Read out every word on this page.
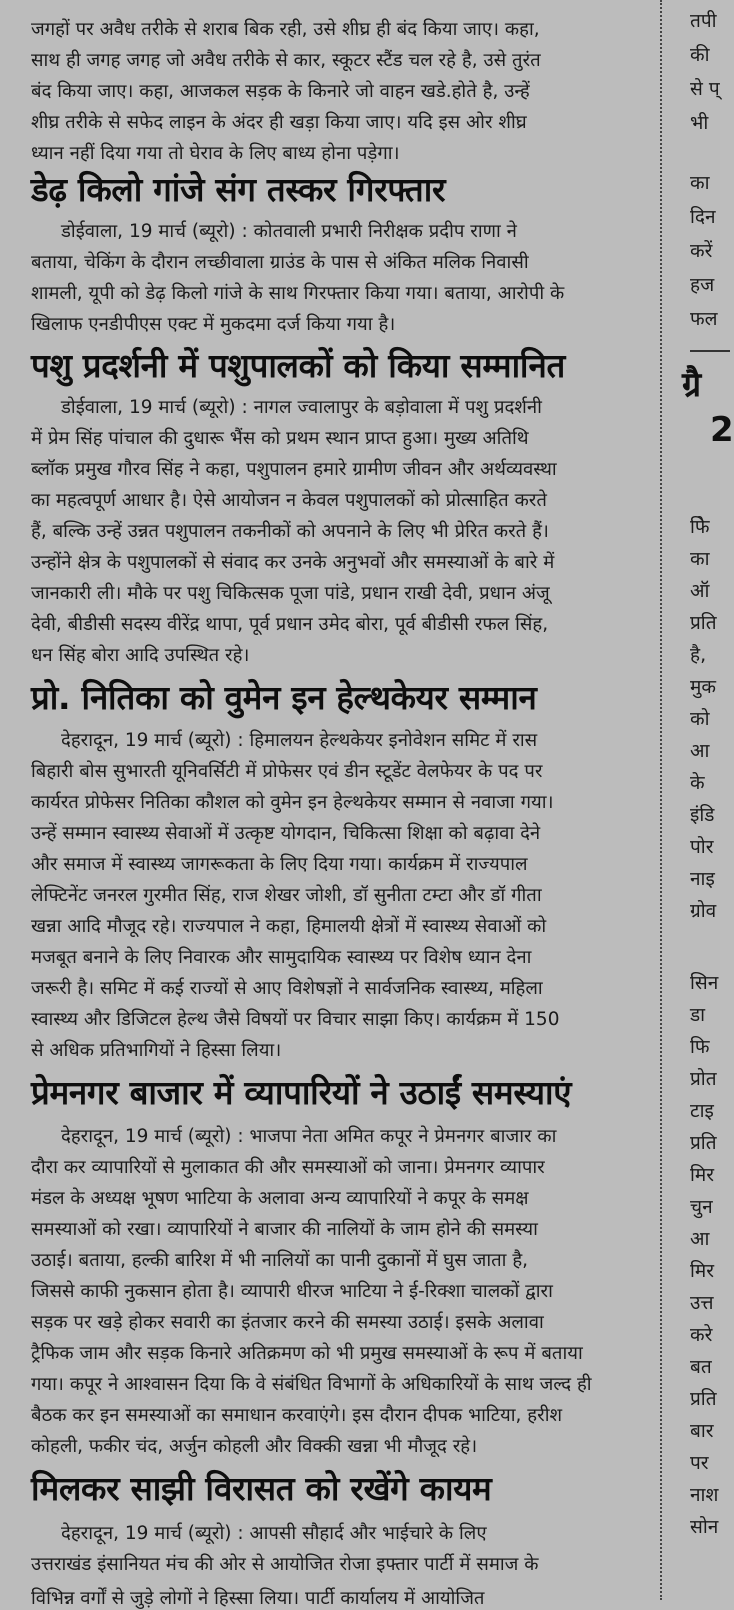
जगहों पर अवैध तरीके से शराब बिक रही, उसे शीघ्र ही बंद किया जाए। कहा,
साथ ही जगह जगह जो अवैध तरीके से कार, स्कूटर स्टैंड चल रहे है, उसे तुरंत
बंद किया जाए। कहा, आजकल सड़क के किनारे जो वाहन खडे.होते है, उन्हें
शीघ्र तरीके से सफेद लाइन के अंदर ही खड़ा किया जाए। यदि इस ओर शीघ्र
ध्यान नहीं दिया गया तो घेराव के लिए बाध्य होना पड़ेगा।
डेढ़ किलो गांजे संग तस्कर गिरफ्तार
डोईवाला, 19 मार्च (ब्यूरो) : कोतवाली प्रभारी निरीक्षक प्रदीप राणा ने
बताया, चेकिंग के दौरान लच्छीवाला ग्राउंड के पास से अंकित मलिक निवासी
शामली, यूपी को डेढ़ किलो गांजे के साथ गिरफ्तार किया गया। बताया, आरोपी के
खिलाफ एनडीपीएस एक्ट में मुकदमा दर्ज किया गया है।
पशु प्रदर्शनी में पशुपालकों को किया सम्मानित
डोईवाला, 19 मार्च (ब्यूरो) : नागल ज्वालापुर के बड़ोवाला में पशु प्रदर्शनी
में प्रेम सिंह पांचाल की दुधारू भैंस को प्रथम स्थान प्राप्त हुआ। मुख्य अतिथि
ब्लॉक प्रमुख गौरव सिंह ने कहा, पशुपालन हमारे ग्रामीण जीवन और अर्थव्यवस्था
का महत्वपूर्ण आधार है। ऐसे आयोजन न केवल पशुपालकों को प्रोत्साहित करते
हैं, बल्कि उन्हें उन्नत पशुपालन तकनीकों को अपनाने के लिए भी प्रेरित करते हैं।
उन्होंने क्षेत्र के पशुपालकों से संवाद कर उनके अनुभवों और समस्याओं के बारे में
जानकारी ली। मौके पर पशु चिकित्सक पूजा पांडे, प्रधान राखी देवी, प्रधान अंजू
देवी, बीडीसी सदस्य वीरेंद्र थापा, पूर्व प्रधान उमेद बोरा, पूर्व बीडीसी रफल सिंह,
धन सिंह बोरा आदि उपस्थित रहे।
प्रो. नितिका को वुमेन इन हेल्थकेयर सम्मान
देहरादून, 19 मार्च (ब्यूरो) : हिमालयन हेल्थकेयर इनोवेशन समिट में रास
बिहारी बोस सुभारती यूनिवर्सिटी में प्रोफेसर एवं डीन स्टूडेंट वेलफेयर के पद पर
कार्यरत प्रोफेसर नितिका कौशल को वुमेन इन हेल्थकेयर सम्मान से नवाजा गया।
उन्हें सम्मान स्वास्थ्य सेवाओं में उत्कृष्ट योगदान, चिकित्सा शिक्षा को बढ़ावा देने
और समाज में स्वास्थ्य जागरूकता के लिए दिया गया। कार्यक्रम में राज्यपाल
लेफ्टिनेंट जनरल गुरमीत सिंह, राज शेखर जोशी, डॉ सुनीता टम्टा और डॉ गीता
खन्ना आदि मौजूद रहे। राज्यपाल ने कहा, हिमालयी क्षेत्रों में स्वास्थ्य सेवाओं को
मजबूत बनाने के लिए निवारक और सामुदायिक स्वास्थ्य पर विशेष ध्यान देना
जरूरी है। समिट में कई राज्यों से आए विशेषज्ञों ने सार्वजनिक स्वास्थ्य, महिला
स्वास्थ्य और डिजिटल हेल्थ जैसे विषयों पर विचार साझा किए। कार्यक्रम में 150
से अधिक प्रतिभागियों ने हिस्सा लिया।
प्रेमनगर बाजार में व्यापारियों ने उठाईं समस्याएं
देहरादून, 19 मार्च (ब्यूरो) : भाजपा नेता अमित कपूर ने प्रेमनगर बाजार का
दौरा कर व्यापारियों से मुलाकात की और समस्याओं को जाना। प्रेमनगर व्यापार
मंडल के अध्यक्ष भूषण भाटिया के अलावा अन्य व्यापारियों ने कपूर के समक्ष
समस्याओं को रखा। व्यापारियों ने बाजार की नालियों के जाम होने की समस्या
उठाई। बताया, हल्की बारिश में भी नालियों का पानी दुकानों में घुस जाता है,
जिससे काफी नुकसान होता है। व्यापारी धीरज भाटिया ने ई-रिक्शा चालकों द्वारा
सड़क पर खड़े होकर सवारी का इंतजार करने की समस्या उठाई। इसके अलावा
ट्रैफिक जाम और सड़क किनारे अतिक्रमण को भी प्रमुख समस्याओं के रूप में बताया
गया। कपूर ने आश्वासन दिया कि वे संबंधित विभागों के अधिकारियों के साथ जल्द ही
बैठक कर इन समस्याओं का समाधान करवाएंगे। इस दौरान दीपक भाटिया, हरीश
कोहली, फकीर चंद, अर्जुन कोहली और विक्की खन्ना भी मौजूद रहे।
मिलकर साझी विरासत को रखेंगे कायम
देहरादून, 19 मार्च (ब्यूरो) : आपसी सौहार्द और भाईचारे के लिए
उत्तराखंड इंसानियत मंच की ओर से आयोजित रोजा इफ्तार पार्टी में समाज के
विभिन्न वर्गों से जुड़े लोगों ने हिस्सा लिया। पार्टी कार्यालय में आयोजित
तपी
की
से प्
भी
का
दिन
करें
हज
फल
ग्रै
2
फेि
का
ऑ
प्रति
है,
मुक
को
आ
के
इंडि
पोर
नाइ
ग्रोव
सिन
डा
फि
प्रोत
टाइ
प्रति
मिर
चुन
आ
मिर
उत्त
करे
बत
प्रति
बार
पर
नाश
सोन
